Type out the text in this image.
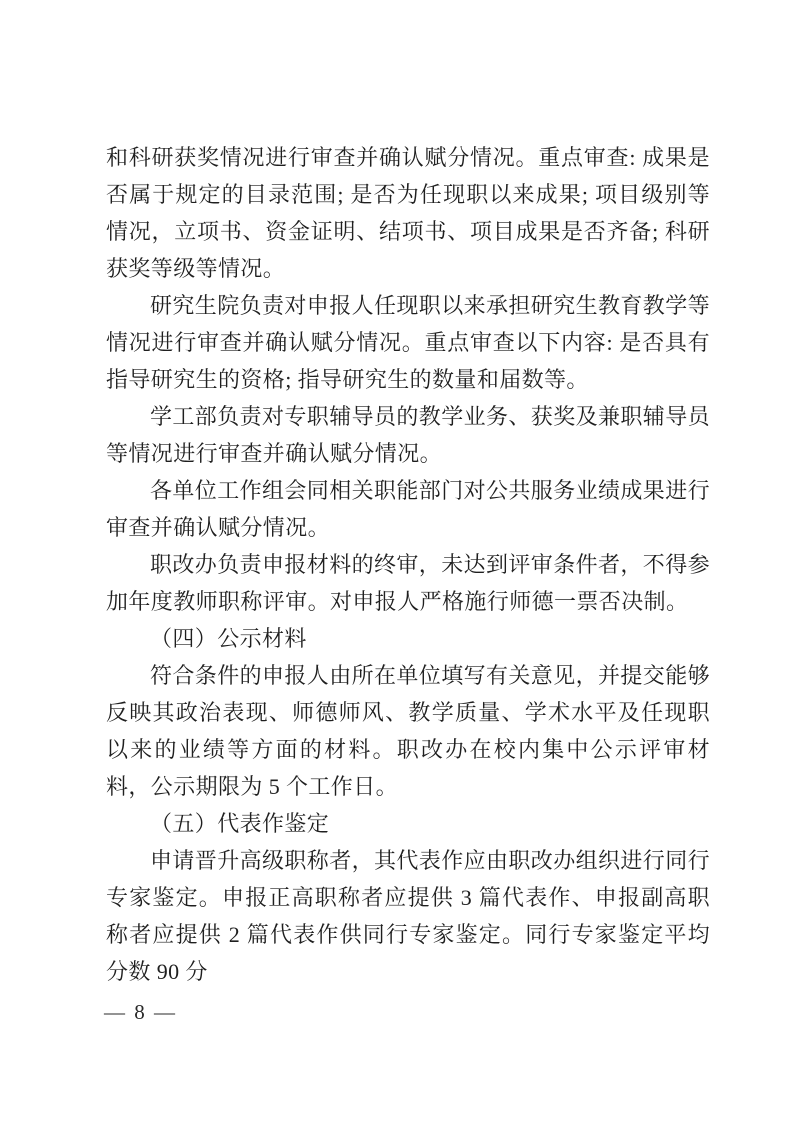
和科研获奖情况进行审查并确认赋分情况。重点审查: 成果是否属于规定的目录范围; 是否为任现职以来成果; 项目级别等情况，立项书、资金证明、结项书、项目成果是否齐备; 科研获奖等级等情况。

研究生院负责对申报人任现职以来承担研究生教育教学等情况进行审查并确认赋分情况。重点审查以下内容: 是否具有指导研究生的资格; 指导研究生的数量和届数等。

学工部负责对专职辅导员的教学业务、获奖及兼职辅导员等情况进行审查并确认赋分情况。

各单位工作组会同相关职能部门对公共服务业绩成果进行审查并确认赋分情况。

职改办负责申报材料的终审，未达到评审条件者，不得参加年度教师职称评审。对申报人严格施行师德一票否决制。

（四）公示材料

符合条件的申报人由所在单位填写有关意见，并提交能够反映其政治表现、师德师风、教学质量、学术水平及任现职以来的业绩等方面的材料。职改办在校内集中公示评审材料，公示期限为 5 个工作日。

（五）代表作鉴定

申请晋升高级职称者，其代表作应由职改办组织进行同行专家鉴定。申报正高职称者应提供 3 篇代表作、申报副高职称者应提供 2 篇代表作供同行专家鉴定。同行专家鉴定平均分数 90 分

— 8 —
